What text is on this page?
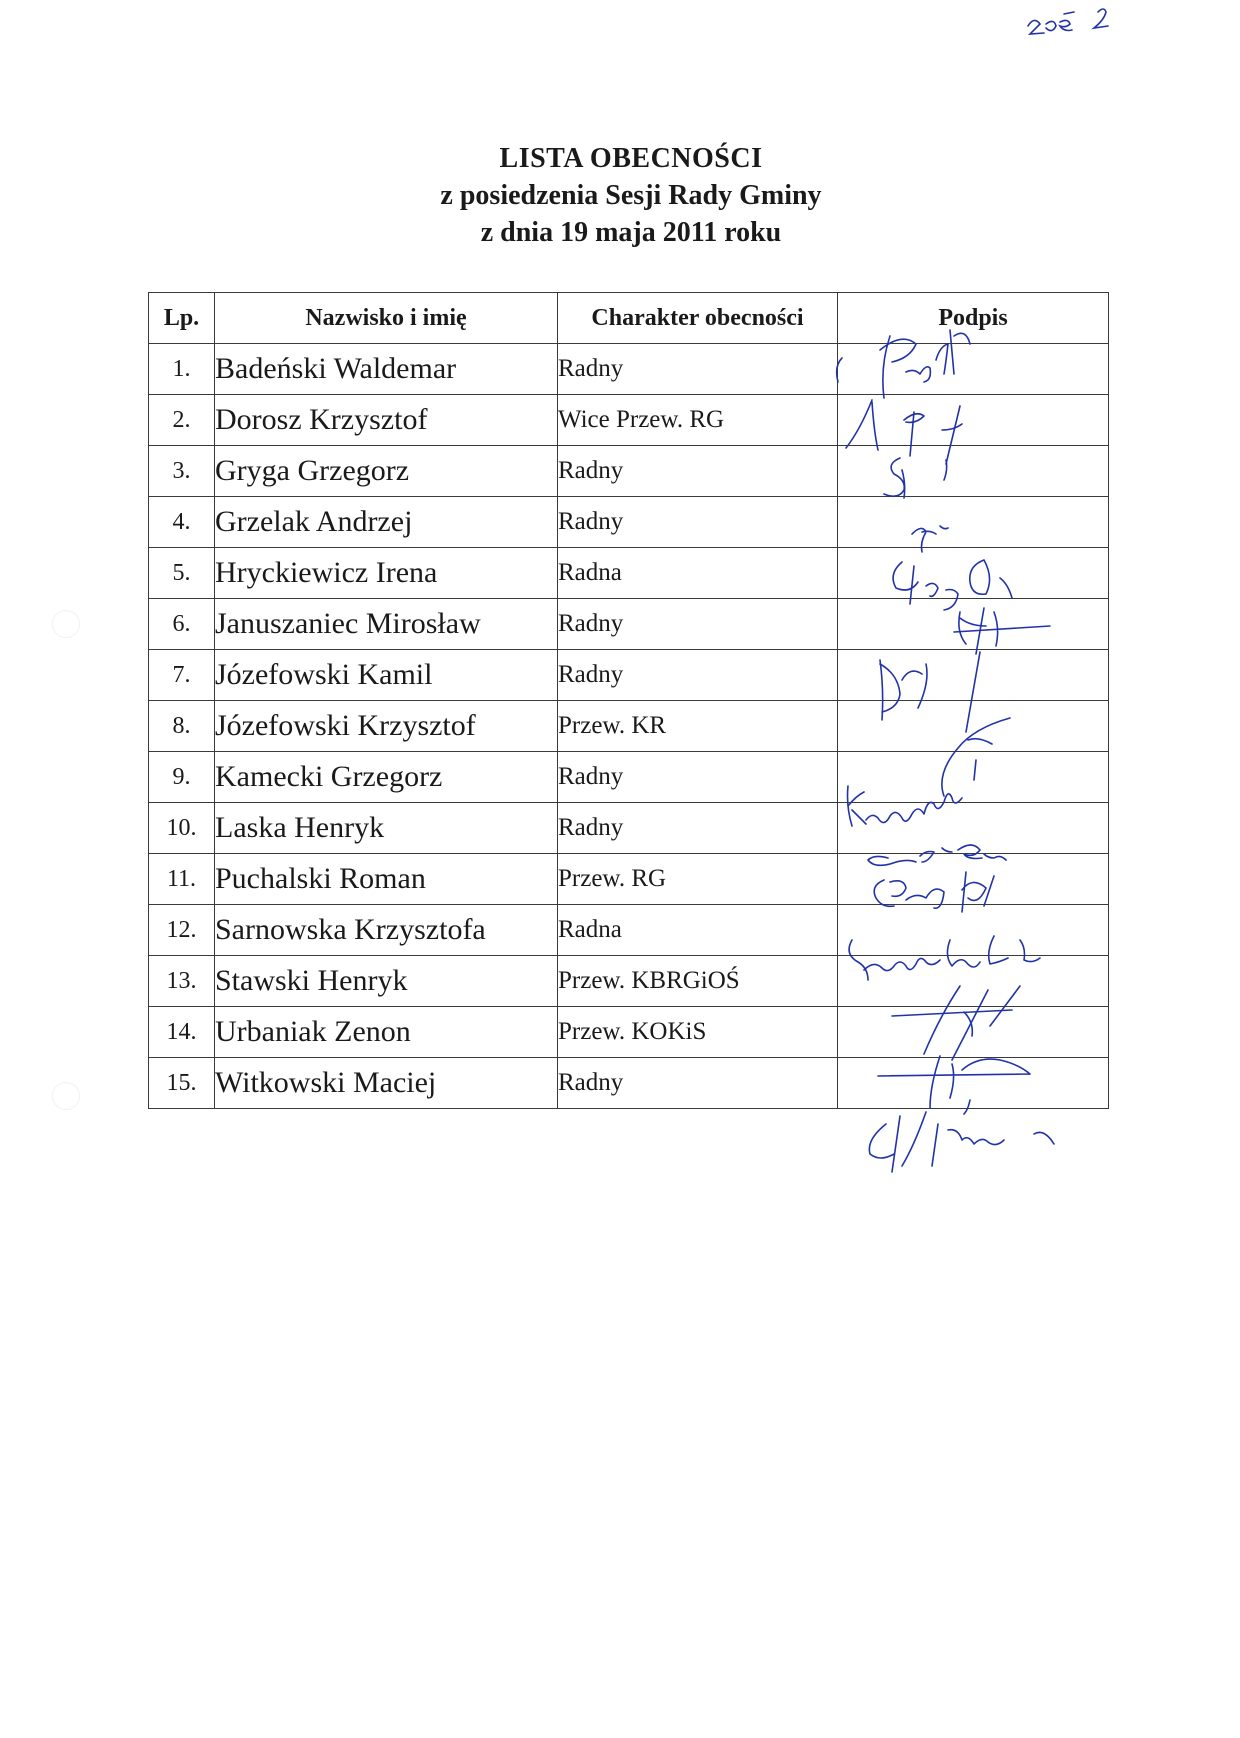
LISTA OBECNOŚCI
z posiedzenia Sesji Rady Gminy
z dnia 19 maja 2011 roku
Lp.	Nazwisko i imię	Charakter obecności	Podpis
1.	Badeński Waldemar	Radny	
2.	Dorosz Krzysztof	Wice Przew. RG	
3.	Gryga Grzegorz	Radny	
4.	Grzelak Andrzej	Radny	
5.	Hryckiewicz Irena	Radna	
6.	Januszaniec Mirosław	Radny	
7.	Józefowski Kamil	Radny	
8.	Józefowski Krzysztof	Przew. KR	
9.	Kamecki Grzegorz	Radny	
10.	Laska Henryk	Radny	
11.	Puchalski Roman	Przew. RG	
12.	Sarnowska Krzysztofa	Radna	
13.	Stawski Henryk	Przew. KBRGiOŚ	
14.	Urbaniak Zenon	Przew. KOKiS	
15.	Witkowski Maciej	Radny	
